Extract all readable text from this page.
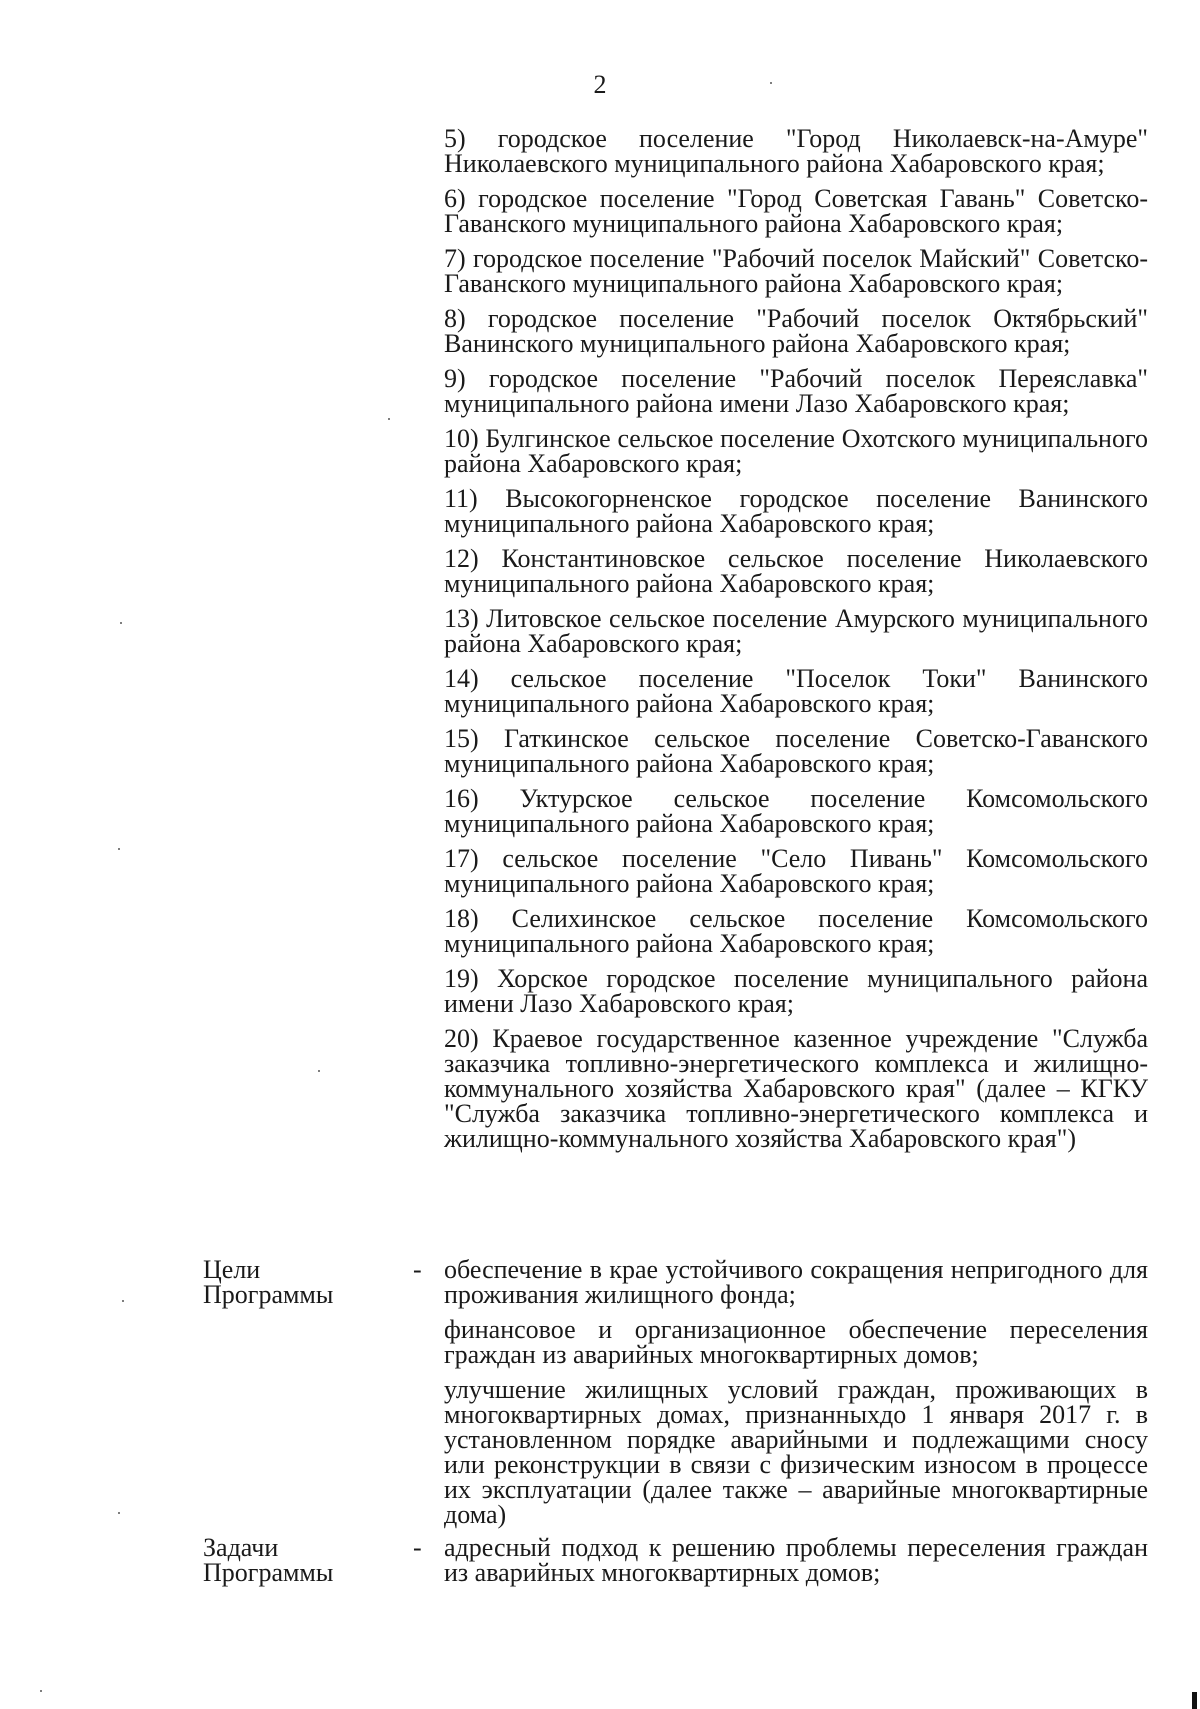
2

5) городское поселение "Город Николаевск-на-Амуре" Николаевского муниципального района Хабаровского края;

6) городское поселение "Город Советская Гавань" Советско-Гаванского муниципального района Хабаровского края;

7) городское поселение "Рабочий поселок Майский" Советско-Гаванского муниципального района Хабаровского края;

8) городское поселение "Рабочий поселок Октябрьский" Ванинского муниципального района Хабаровского края;

9) городское поселение "Рабочий поселок Переяславка" муниципального района имени Лазо Хабаровского края;

10) Булгинское сельское поселение Охотского муниципального района Хабаровского края;

11) Высокогорненское городское поселение Ванинского муниципального района Хабаровского края;

12) Константиновское сельское поселение Николаевского муниципального района Хабаровского края;

13) Литовское сельское поселение Амурского муниципального района Хабаровского края;

14) сельское поселение "Поселок Токи" Ванинского муниципального района Хабаровского края;

15) Гаткинское сельское поселение Советско-Гаванского муниципального района Хабаровского края;

16) Уктурское сельское поселение Комсомольского муниципального района Хабаровского края;

17) сельское поселение "Село Пивань" Комсомольского муниципального района Хабаровского края;

18) Селихинское сельское поселение Комсомольского муниципального района Хабаровского края;

19) Хорское городское поселение муниципального района имени Лазо Хабаровского края;

20) Краевое государственное казенное учреждение "Служба заказчика топливно-энергетического комплекса и жилищно-коммунального хозяйства Хабаровского края" (далее – КГКУ "Служба заказчика топливно-энергетического комплекса и жилищно-коммунального хозяйства Хабаровского края")

Цели
Программы
- обеспечение в крае устойчивого сокращения непригодного для проживания жилищного фонда;

финансовое и организационное обеспечение переселения граждан из аварийных многоквартирных домов;

улучшение жилищных условий граждан, проживающих в многоквартирных домах, признанныхдо 1 января 2017 г. в установленном порядке аварийными и подлежащими сносу или реконструкции в связи с физическим износом в процессе их эксплуатации (далее также – аварийные многоквартирные дома)

Задачи
Программы
- адресный подход к решению проблемы переселения граждан из аварийных многоквартирных домов;
